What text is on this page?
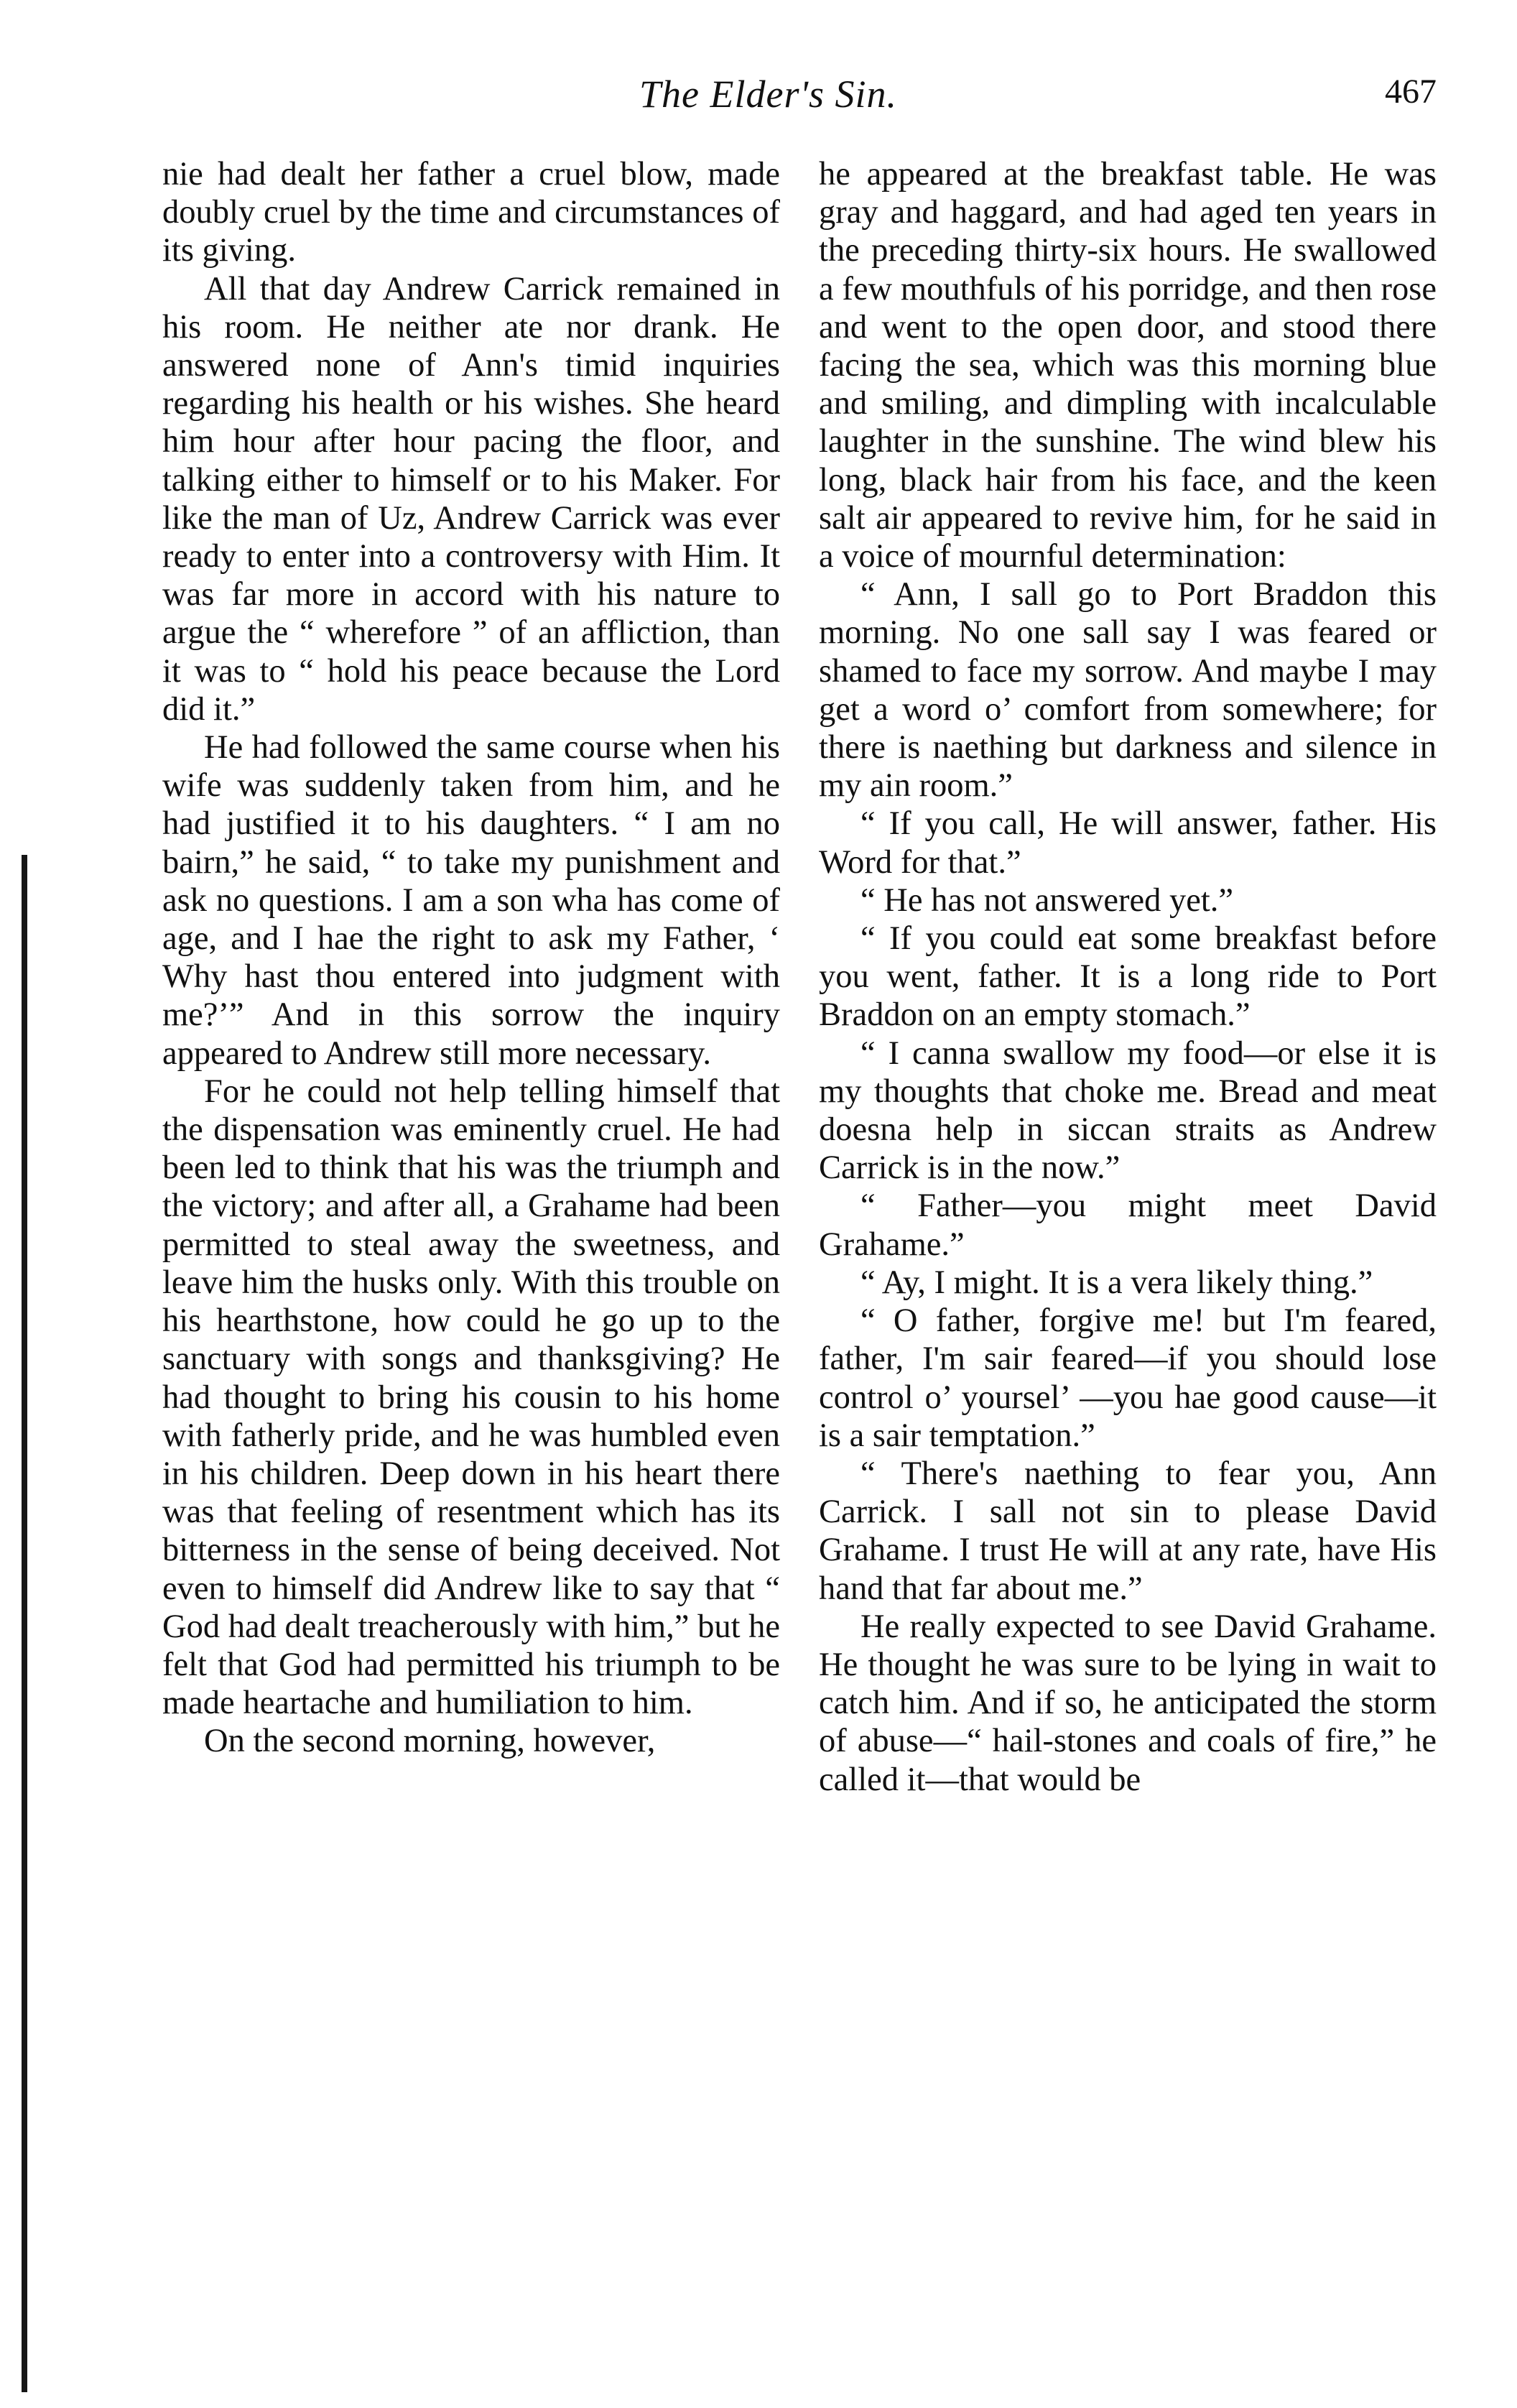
The Elder's Sin.	467

nie had dealt her father a cruel blow, made doubly cruel by the time and circumstances of its giving.

All that day Andrew Carrick remained in his room. He neither ate nor drank. He answered none of Ann's timid inquiries regarding his health or his wishes. She heard him hour after hour pacing the floor, and talking either to himself or to his Maker. For like the man of Uz, Andrew Carrick was ever ready to enter into a controversy with Him. It was far more in accord with his nature to argue the “ wherefore ” of an affliction, than it was to “ hold his peace because the Lord did it.”

He had followed the same course when his wife was suddenly taken from him, and he had justified it to his daughters. “ I am no bairn,” he said, “ to take my punishment and ask no questions. I am a son wha has come of age, and I hae the right to ask my Father, ‘ Why hast thou entered into judgment with me?’” And in this sorrow the inquiry appeared to Andrew still more necessary.

For he could not help telling himself that the dispensation was eminently cruel. He had been led to think that his was the triumph and the victory; and after all, a Grahame had been permitted to steal away the sweetness, and leave him the husks only. With this trouble on his hearthstone, how could he go up to the sanctuary with songs and thanksgiving? He had thought to bring his cousin to his home with fatherly pride, and he was humbled even in his children. Deep down in his heart there was that feeling of resentment which has its bitterness in the sense of being deceived. Not even to himself did Andrew like to say that “ God had dealt treacherously with him,” but he felt that God had permitted his triumph to be made heartache and humiliation to him.

On the second morning, however,

he appeared at the breakfast table. He was gray and haggard, and had aged ten years in the preceding thirty-six hours. He swallowed a few mouthfuls of his porridge, and then rose and went to the open door, and stood there facing the sea, which was this morning blue and smiling, and dimpling with incalculable laughter in the sunshine. The wind blew his long, black hair from his face, and the keen salt air appeared to revive him, for he said in a voice of mournful determination:

“ Ann, I sall go to Port Braddon this morning. No one sall say I was feared or shamed to face my sorrow. And maybe I may get a word o’ comfort from somewhere; for there is naething but darkness and silence in my ain room.”

“ If you call, He will answer, father. His Word for that.”

“ He has not answered yet.”

“ If you could eat some breakfast before you went, father. It is a long ride to Port Braddon on an empty stomach.”

“ I canna swallow my food—or else it is my thoughts that choke me. Bread and meat doesna help in siccan straits as Andrew Carrick is in the now.”

“ Father—you might meet David Grahame.”

“ Ay, I might. It is a vera likely thing.”

“ O father, forgive me! but I'm feared, father, I'm sair feared—if you should lose control o’ yoursel’ —you hae good cause—it is a sair temptation.”

“ There's naething to fear you, Ann Carrick. I sall not sin to please David Grahame. I trust He will at any rate, have His hand that far about me.”

He really expected to see David Grahame. He thought he was sure to be lying in wait to catch him. And if so, he anticipated the storm of abuse—“ hail-stones and coals of fire,” he called it—that would be
